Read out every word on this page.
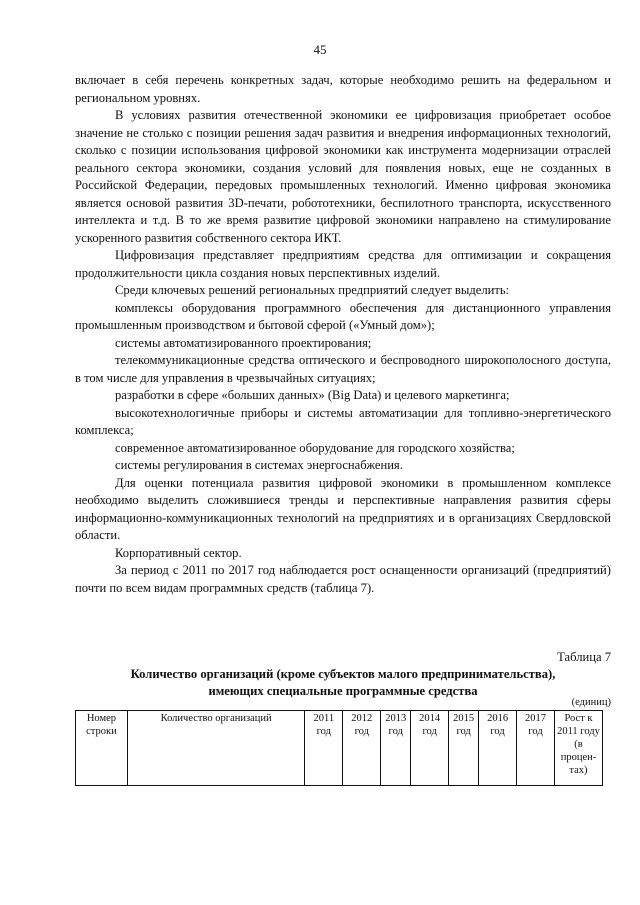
45

включает в себя перечень конкретных задач, которые необходимо решить на федеральном и региональном уровнях.

В условиях развития отечественной экономики ее цифровизация приобретает особое значение не столько с позиции решения задач развития и внедрения информационных технологий, сколько с позиции использования цифровой экономики как инструмента модернизации отраслей реального сектора экономики, создания условий для появления новых, еще не созданных в Российской Федерации, передовых промышленных технологий. Именно цифровая экономика является основой развития 3D-печати, робототехники, беспилотного транспорта, искусственного интеллекта и т.д. В то же время развитие цифровой экономики направлено на стимулирование ускоренного развития собственного сектора ИКТ.

Цифровизация представляет предприятиям средства для оптимизации и сокращения продолжительности цикла создания новых перспективных изделий.

Среди ключевых решений региональных предприятий следует выделить:

комплексы оборудования программного обеспечения для дистанционного управления промышленным производством и бытовой сферой («Умный дом»);

системы автоматизированного проектирования;

телекоммуникационные средства оптического и беспроводного широкополосного доступа, в том числе для управления в чрезвычайных ситуациях;

разработки в сфере «больших данных» (Big Data) и целевого маркетинга;

высокотехнологичные приборы и системы автоматизации для топливно-энергетического комплекса;

современное автоматизированное оборудование для городского хозяйства;

системы регулирования в системах энергоснабжения.

Для оценки потенциала развития цифровой экономики в промышленном комплексе необходимо выделить сложившиеся тренды и перспективные направления развития сферы информационно-коммуникационных технологий на предприятиях и в организациях Свердловской области.

Корпоративный сектор.

За период с 2011 по 2017 год наблюдается рост оснащенности организаций (предприятий) почти по всем видам программных средств (таблица 7).

Таблица 7
Количество организаций (кроме субъектов малого предпринимательства),
имеющих специальные программные средства
(единиц)
Номер строки	Количество организаций	2011 год	2012 год	2013 год	2014 год	2015 год	2016 год	2017 год	Рост к 2011 году (в процен-тах)
